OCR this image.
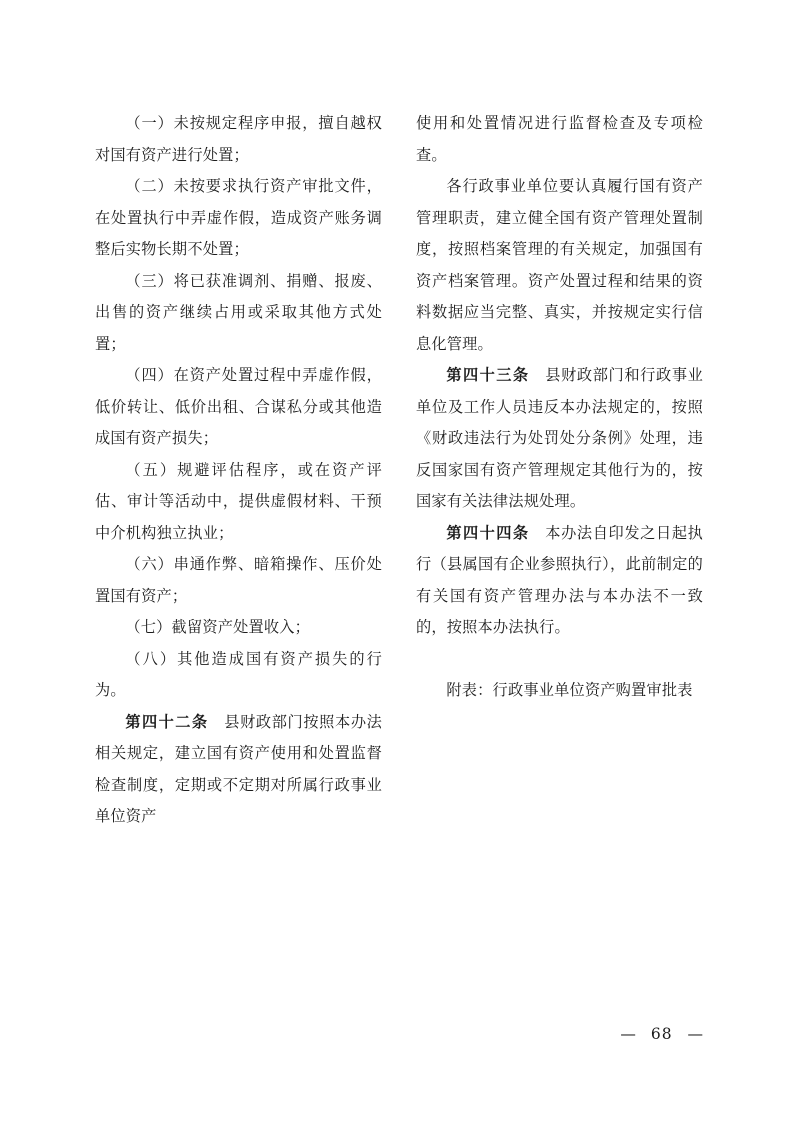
（一）未按规定程序申报，擅自越权对国有资产进行处置；

（二）未按要求执行资产审批文件，在处置执行中弄虚作假，造成资产账务调整后实物长期不处置；

（三）将已获准调剂、捐赠、报废、出售的资产继续占用或采取其他方式处置；

（四）在资产处置过程中弄虚作假，低价转让、低价出租、合谋私分或其他造成国有资产损失；

（五）规避评估程序，或在资产评估、审计等活动中，提供虚假材料、干预中介机构独立执业；

（六）串通作弊、暗箱操作、压价处置国有资产；

（七）截留资产处置收入；

（八）其他造成国有资产损失的行为。

第四十二条　 县财政部门按照本办法相关规定，建立国有资产使用和处置监督检查制度，定期或不定期对所属行政事业单位资产

使用和处置情况进行监督检查及专项检查。

各行政事业单位要认真履行国有资产管理职责，建立健全国有资产管理处置制度，按照档案管理的有关规定，加强国有资产档案管理。资产处置过程和结果的资料数据应当完整、真实，并按规定实行信息化管理。

第四十三条　 县财政部门和行政事业单位及工作人员违反本办法规定的，按照《财政违法行为处罚处分条例》处理，违反国家国有资产管理规定其他行为的，按国家有关法律法规处理。

第四十四条　 本办法自印发之日起执行（县属国有企业参照执行），此前制定的有关国有资产管理办法与本办法不一致的，按照本办法执行。

附表：行政事业单位资产购置审批表

— 68 —
